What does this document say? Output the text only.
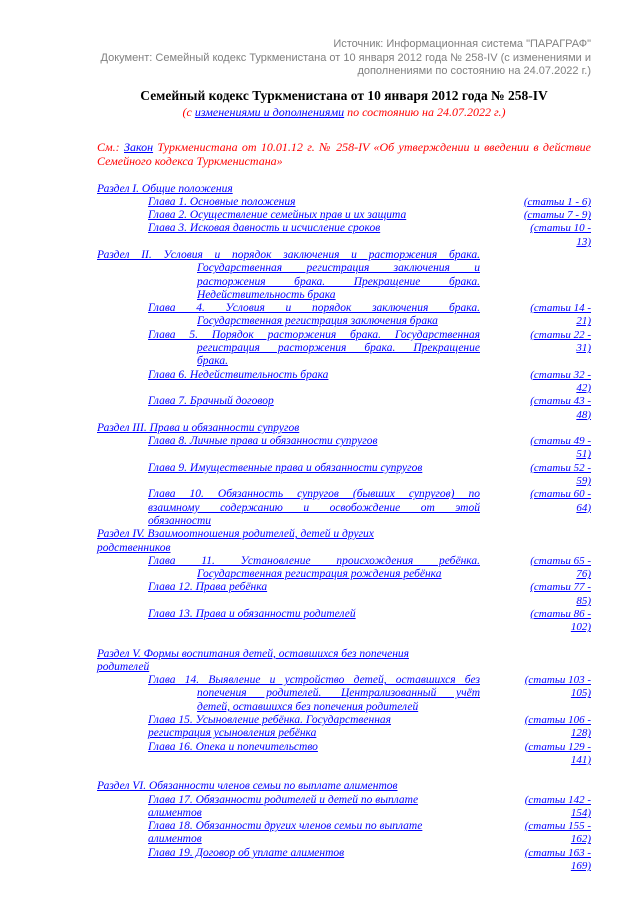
Источник: Информационная система "ПАРАГРАФ"
Документ: Семейный кодекс Туркменистана от 10 января 2012 года № 258-IV (с изменениями и дополнениями по состоянию на 24.07.2022 г.)
Семейный кодекс Туркменистана от 10 января 2012 года № 258-IV
(с изменениями и дополнениями по состоянию на 24.07.2022 г.)
См.: Закон Туркменистана от 10.01.12 г. № 258-IV «Об утверждении и введении в действие Семейного кодекса Туркменистана»
Раздел I. Общие положения
Глава 1. Основные положения	(статьи 1 - 6)
Глава 2. Осуществление семейных прав и их защита	(статьи 7 - 9)
Глава 3. Исковая давность и исчисление сроков	(статьи 10 - 13)
Раздел II. Условия и порядок заключения и расторжения брака.
Государственная регистрация заключения и
расторжения брака. Прекращение брака.
Недействительность брака
Глава 4. Условия и порядок заключения брака.
Государственная регистрация заключения брака
(статьи 14 - 21)
Глава 5. Порядок расторжения брака. Государственная
регистрация расторжения брака. Прекращение
брака.
(статьи 22 - 31)
Глава 6. Недействительность брака	(статьи 32 - 42)
Глава 7. Брачный договор	(статьи 43 - 48)
Раздел III. Права и обязанности супругов
Глава 8. Личные права и обязанности супругов	(статьи 49 - 51)
Глава 9. Имущественные права и обязанности супругов	(статьи 52 - 59)
Глава 10. Обязанность супругов (бывших супругов) по
взаимному содержанию и освобождение от этой
обязанности
(статьи 60 - 64)
Раздел IV. Взаимоотношения родителей, детей и других
родственников
Глава 11. Установление происхождения ребёнка.
Государственная регистрация рождения ребёнка
(статьи 65 - 76)
Глава 12. Права ребёнка	(статьи 77 - 85)
Глава 13. Права и обязанности родителей	(статьи 86 - 102)
Раздел V. Формы воспитания детей, оставшихся без попечения
родителей
Глава 14. Выявление и устройство детей, оставшихся без
попечения родителей. Централизованный учёт
детей, оставшихся без попечения родителей
(статьи 103 - 105)
Глава 15. Усыновление ребёнка. Государственная
регистрация усыновления ребёнка
(статьи 106 - 128)
Глава 16. Опека и попечительство	(статьи 129 - 141)
Раздел VI. Обязанности членов семьи по выплате алиментов
Глава 17. Обязанности родителей и детей по выплате
алиментов
(статьи 142 - 154)
Глава 18. Обязанности других членов семьи по выплате
алиментов
(статьи 155 - 162)
Глава 19. Договор об уплате алиментов	(статьи 163 - 169)
